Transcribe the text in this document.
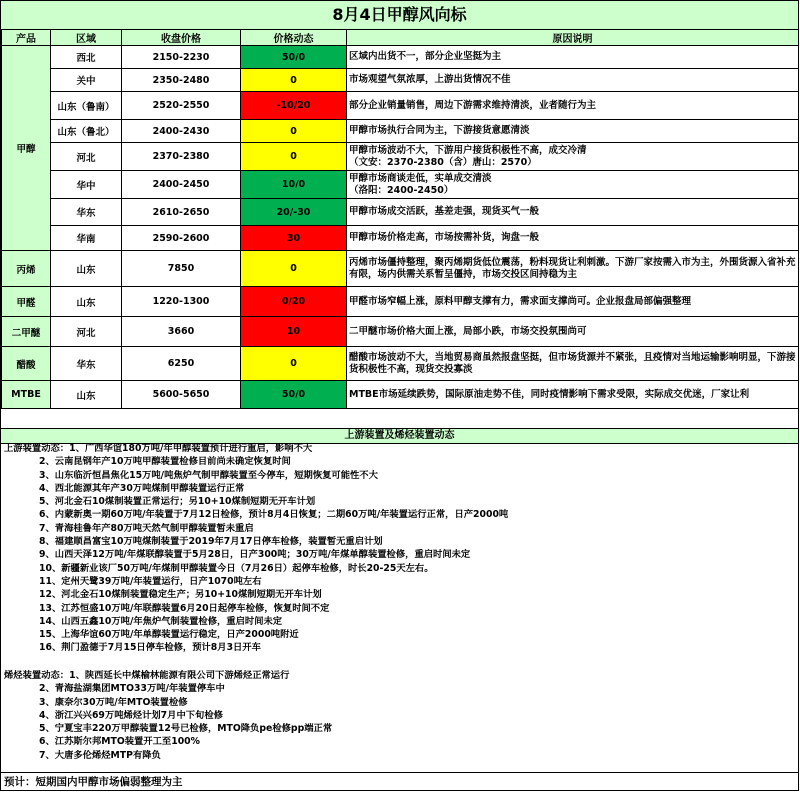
8月4日甲醇风向标
产品	区域	收盘价格	价格动态	原因说明
甲醇	西北	2150-2230	50/0	区域内出货不一，部分企业坚挺为主
	关中	2350-2480	0	市场观望气氛浓厚，上游出货情况不佳
	山东（鲁南）	2520-2550	-10/20	部分企业销量销售，周边下游需求维持清淡，业者随行为主
	山东（鲁北）	2400-2430	0	甲醇市场执行合同为主，下游接货意愿清淡
	河北	2370-2380	0	甲醇市场波动不大，下游用户接货积极性不高，成交冷清
（文安：2370-2380（含）唐山：2570）
	华中	2400-2450	10/0	甲醇市场商谈走低，实单成交清淡
（洛阳：2400-2450）
	华东	2610-2650	20/-30	甲醇市场成交活跃，基差走强，现货买气一般
	华南	2590-2600	30	甲醇市场价格走高，市场按需补货，询盘一般
丙烯	山东	7850	0	丙烯市场僵持整理，聚丙烯期货低位震荡，粉料现货让利刺激。下游厂家按需入市为主，外围货源入省补充有限，场内供需关系暂呈僵持，市场交投区间持稳为主
甲醛	山东	1220-1300	0/20	甲醛市场窄幅上涨，原料甲醇支撑有力，需求面支撑尚可。企业报盘局部偏强整理
二甲醚	河北	3660	10	二甲醚市场价格大面上涨，局部小跌，市场交投氛围尚可
醋酸	华东	6250	0	醋酸市场波动不大，当地贸易商虽然报盘坚挺，但市场货源并不紧张，且疫情对当地运输影响明显，下游接货积极性不高，现货交投寡淡
MTBE	山东	5600-5650	50/0	MTBE市场延续跌势，国际原油走势不佳，同时疫情影响下需求受限，实际成交优迷，厂家让利
上游装置及烯烃装置动态
上游装置动态：1、广西华谊180万吨/年甲醇装置预计进行重启，影响不大
2、云南昆钢年产10万吨甲醇装置检修目前尚未确定恢复时间
3、山东临沂恒昌焦化15万吨/吨焦炉气制甲醇装置至今停车，短期恢复可能性不大
4、西北能源其年产30万吨煤制甲醇装置运行正常
5、河北金石10煤制装置正常运行；另10+10煤制短期无开车计划
6、内蒙新奥一期60万吨/年装置于7月12日检修，预计8月4日恢复；二期60万吨/年装置运行正常，日产2000吨
7、青海桂鲁年产80万吨天然气制甲醇装置暂未重启
8、福建顺昌富宝10万吨煤制装置于2019年7月17日停车检修，装置暂无重启计划
9、山西天泽12万吨/年煤联醇装置于5月28日，日产300吨；30万吨/年煤单醇装置检修，重启时间未定
10、新疆新业该厂50万吨/年煤制甲醇装置今日（7月26日）起停车检修，时长20-25天左右。
11、定州天鹭39万吨/年装置运行，日产1070吨左右
12、河北金石10煤制装置稳定生产；另10+10煤制短期无开车计划
13、江苏恒盛10万吨/年联醇装置6月20日起停车检修，恢复时间不定
14、山西五鑫10万吨/年焦炉气制装置检修，重启时间未定
15、上海华谊60万吨/年单醇装置运行稳定，日产2000吨附近
16、荆门盈德于7月15日停车检修，预计8月3日开车
烯烃装置动态：1、陕西延长中煤榆林能源有限公司下游烯烃正常运行
2、青海盐湖集团MTO33万吨/年装置停车中
3、康奈尔30万吨/年MTO装置检修
4、浙江兴兴69万吨烯烃计划7月中下旬检修
5、宁夏宝丰220万甲醇装置12号已检修，MTO降负pe检修pp端正常
6、江苏斯尔邦MTO装置开工至100%
7、大唐多伦烯烃MTP有降负
预计：短期国内甲醇市场偏弱整理为主
